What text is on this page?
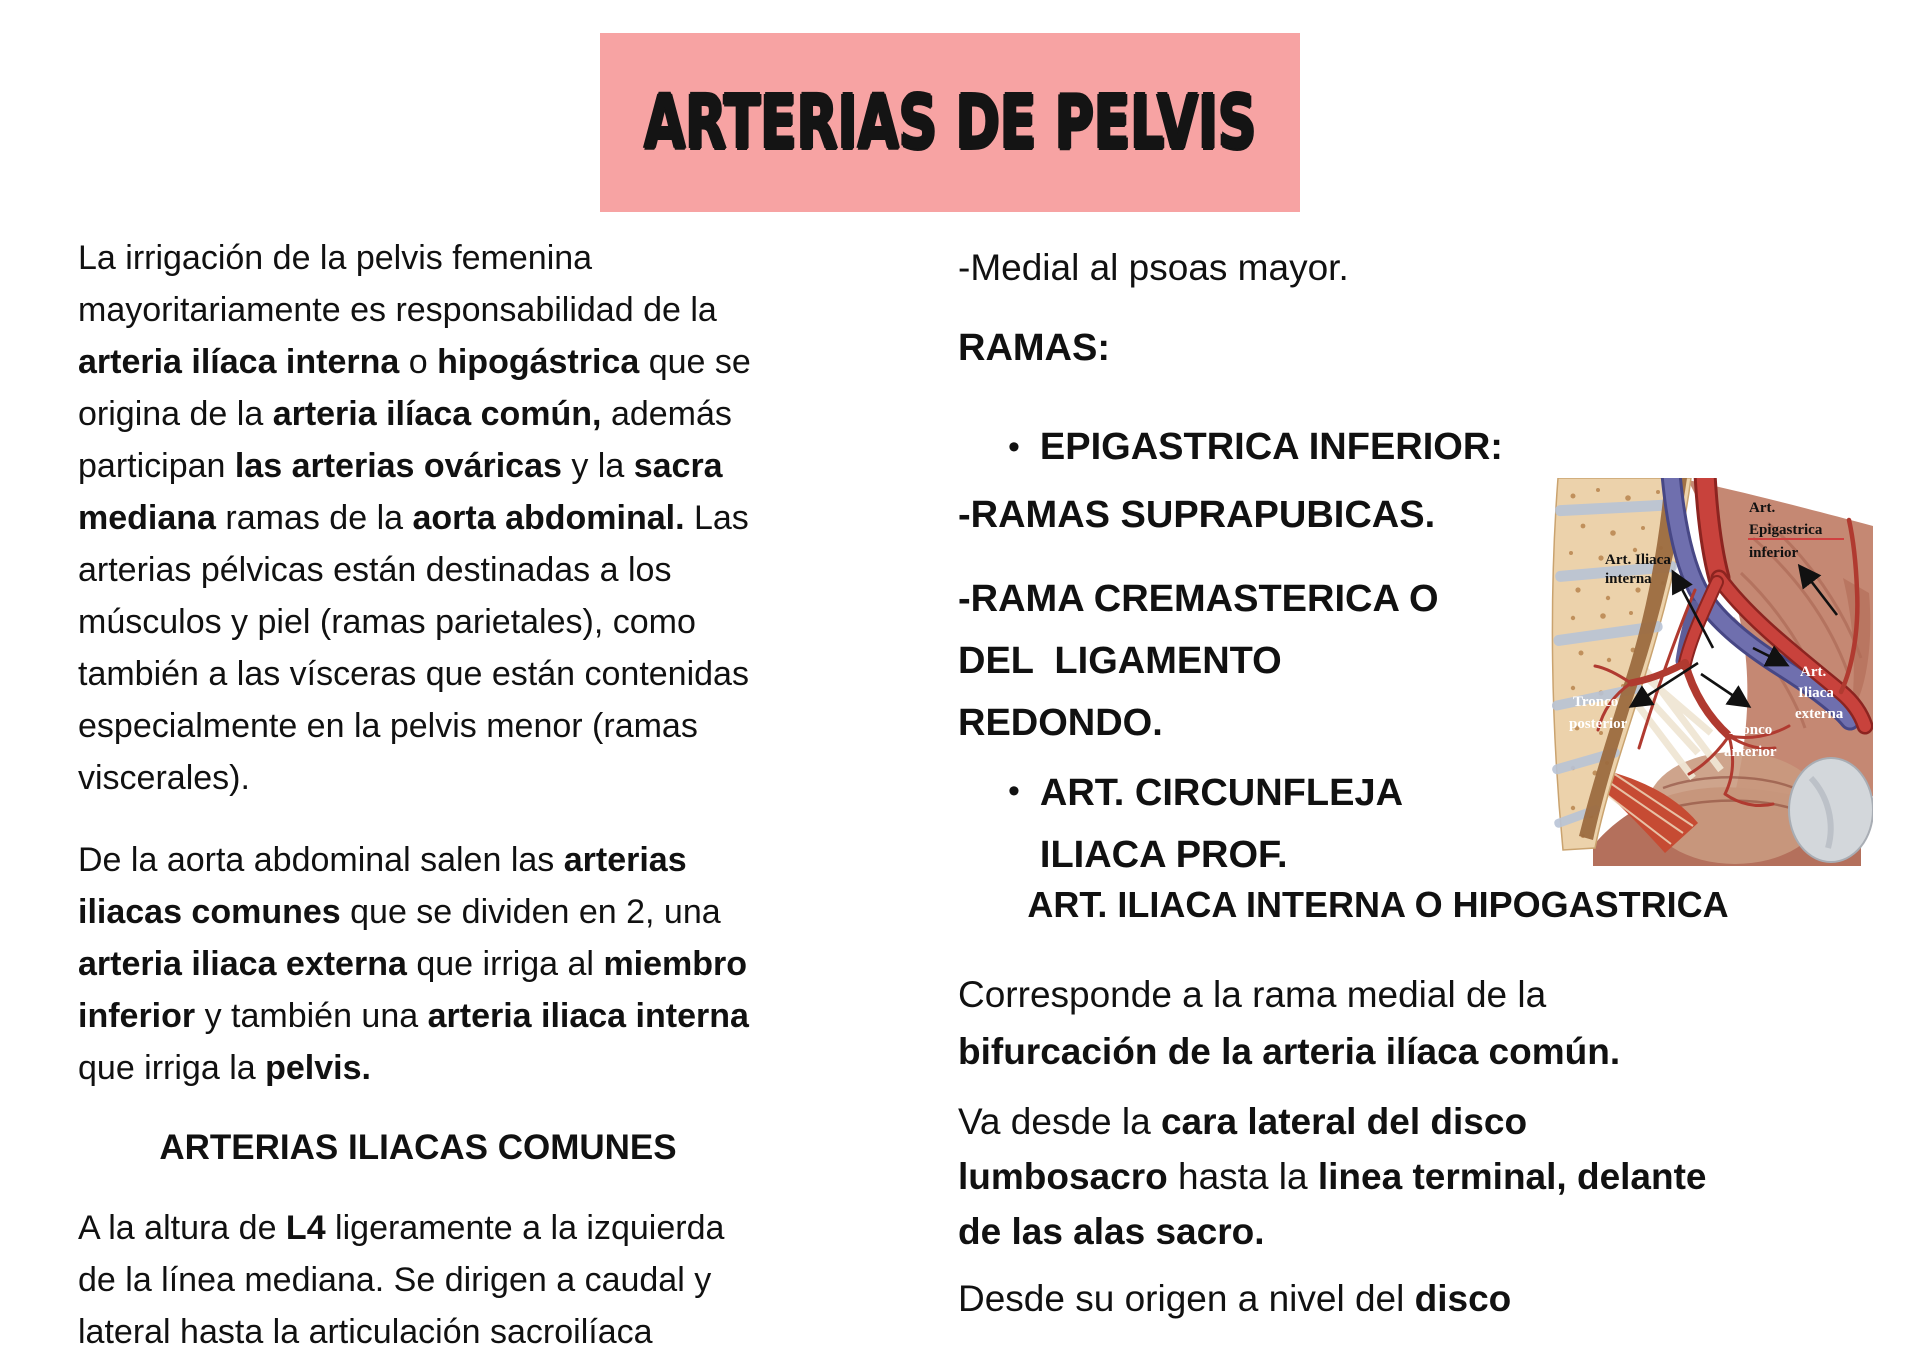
ARTERIAS DE PELVIS
La irrigación de la pelvis femenina
mayoritariamente es responsabilidad de la
arteria ilíaca interna o hipogástrica que se
origina de la arteria ilíaca común, además
participan las arterias ováricas y la sacra
mediana ramas de la aorta abdominal. Las
arterias pélvicas están destinadas a los
músculos y piel (ramas parietales), como
también a las vísceras que están contenidas
especialmente en la pelvis menor (ramas
viscerales).
De la aorta abdominal salen las arterias
iliacas comunes que se dividen en 2, una
arteria iliaca externa que irriga al miembro
inferior y también una arteria iliaca interna
que irriga la pelvis.
ARTERIAS ILIACAS COMUNES
A la altura de L4 ligeramente a la izquierda
de la línea mediana. Se dirigen a caudal y
lateral hasta la articulación sacroilíaca
-Medial al psoas mayor.
RAMAS:
• EPIGASTRICA INFERIOR:
-RAMAS SUPRAPUBICAS.
-RAMA CREMASTERICA O
DEL  LIGAMENTO
REDONDO.
• ART. CIRCUNFLEJA
ILIACA PROF.
ART. ILIACA INTERNA O HIPOGASTRICA
Corresponde a la rama medial de la
bifurcación de la arteria ilíaca común.
Va desde la cara lateral del disco
lumbosacro hasta la linea terminal, delante
de las alas sacro.
Desde su origen a nivel del disco
Art. Iliaca
interna
Art.
Epigastrica
inferior
Tronco
posterior	Tronco
anterior
Art.
Iliaca
externa
